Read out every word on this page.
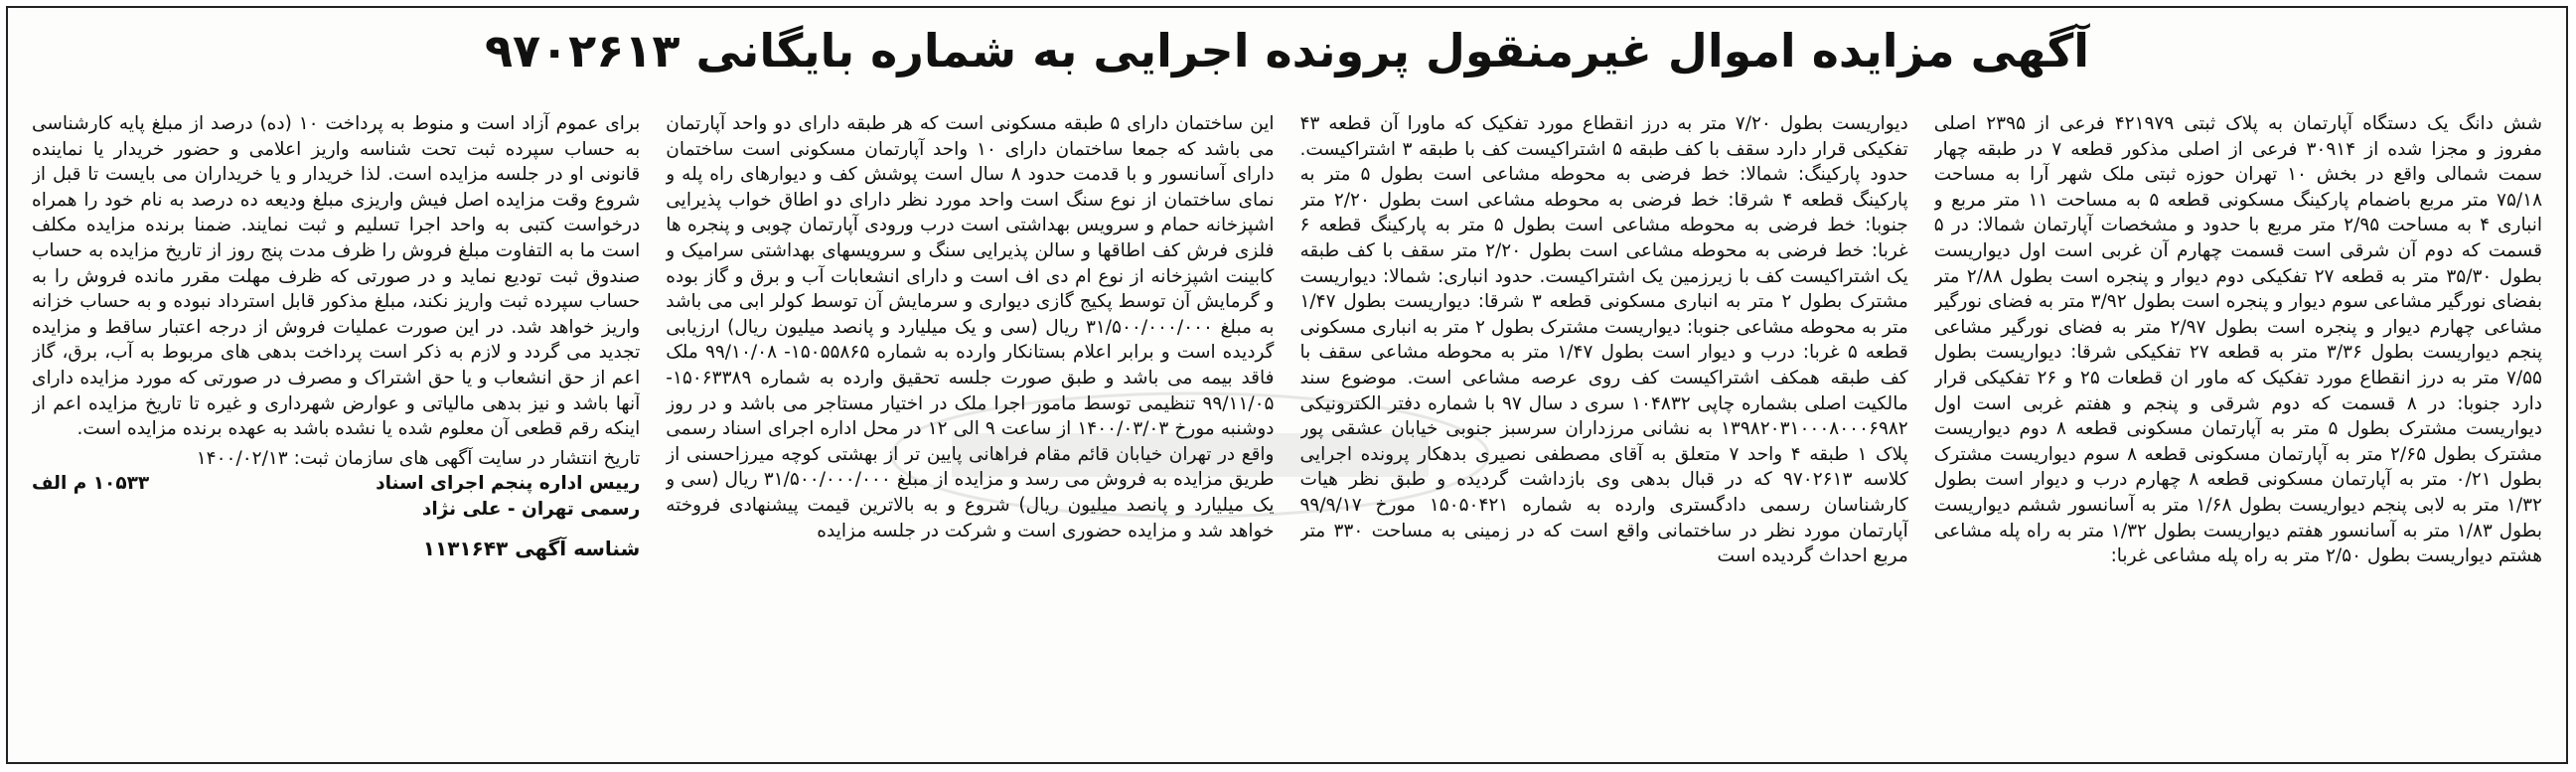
آگهی مزایده اموال غیرمنقول پرونده اجرایی به شماره بایگانی ۹۷۰۲۶۱۳

شش دانگ یک دستگاه آپارتمان به پلاک ثبتی ۴۲۱۹۷۹ فرعی از ۲۳۹۵ اصلی مفروز و مجزا شده از ۳۰۹۱۴ فرعی از اصلی مذکور قطعه ۷ در طبقه چهار سمت شمالی واقع در بخش ۱۰ تهران حوزه ثبتی ملک شهر آرا به مساحت ۷۵/۱۸ متر مربع باضمام پارکینگ مسکونی قطعه ۵ به مساحت ۱۱ متر مربع و انباری ۴ به مساحت ۲/۹۵ متر مربع با حدود و مشخصات آپارتمان شمالا: در ۵ قسمت که دوم آن شرقی است قسمت چهارم آن غربی است اول دیواریست بطول ۳۵/۳۰ متر به قطعه ۲۷ تفکیکی دوم دیوار و پنجره است بطول ۲/۸۸ متر بفضای نورگیر مشاعی سوم دیوار و پنجره است بطول ۳/۹۲ متر به فضای نورگیر مشاعی چهارم دیوار و پنجره است بطول ۲/۹۷ متر به فضای نورگیر مشاعی پنجم دیواریست بطول ۳/۳۶ متر به قطعه ۲۷ تفکیکی شرقا: دیواریست بطول ۷/۵۵ متر به درز انقطاع مورد تفکیک که ماور ان قطعات ۲۵ و ۲۶ تفکیکی قرار دارد جنوبا: در ۸ قسمت که دوم شرقی و پنجم و هفتم غربی است اول دیواریست مشترک بطول ۵ متر به آپارتمان مسکونی قطعه ۸ دوم دیواریست مشترک بطول ۲/۶۵ متر به آپارتمان مسکونی قطعه ۸ سوم دیواریست مشترک بطول ۰/۲۱ متر به آپارتمان مسکونی قطعه ۸ چهارم درب و دیوار است بطول ۱/۳۲ متر به لابی پنجم دیواریست بطول ۱/۶۸ متر به آسانسور ششم دیواریست بطول ۱/۸۳ متر به آسانسور هفتم دیواریست بطول ۱/۳۲ متر به راه پله مشاعی هشتم دیواریست بطول ۲/۵۰ متر به راه پله مشاعی غربا:

دیواریست بطول ۷/۲۰ متر به درز انقطاع مورد تفکیک که ماورا آن قطعه ۴۳ تفکیکی قرار دارد سقف با کف طبقه ۵ اشتراکیست کف با طبقه ۳ اشتراکیست. حدود پارکینگ: شمالا: خط فرضی به محوطه مشاعی است بطول ۵ متر به پارکینگ قطعه ۴ شرقا: خط فرضی به محوطه مشاعی است بطول ۲/۲۰ متر جنوبا: خط فرضی به محوطه مشاعی است بطول ۵ متر به پارکینگ قطعه ۶ غربا: خط فرضی به محوطه مشاعی است بطول ۲/۲۰ متر سقف با کف طبقه یک اشتراکیست کف با زیرزمین یک اشتراکیست. حدود انباری: شمالا: دیواریست مشترک بطول ۲ متر به انباری مسکونی قطعه ۳ شرقا: دیواریست بطول ۱/۴۷ متر به محوطه مشاعی جنوبا: دیواریست مشترک بطول ۲ متر به انباری مسکونی قطعه ۵ غربا: درب و دیوار است بطول ۱/۴۷ متر به محوطه مشاعی سقف با کف طبقه همکف اشتراکیست کف روی عرصه مشاعی است. موضوع سند مالکیت اصلی بشماره چاپی ۱۰۴۸۳۲ سری د سال ۹۷ با شماره دفتر الکترونیکی ۱۳۹۸۲۰۳۱۰۰۰۸۰۰۰۶۹۸۲ به نشانی مرزداران سرسبز جنوبی خیابان عشقی پور پلاک ۱ طبقه ۴ واحد ۷ متعلق به آقای مصطفی نصیری بدهکار پرونده اجرایی کلاسه ۹۷۰۲۶۱۳ که در قبال بدهی وی بازداشت گردیده و طبق نظر هیات کارشناسان رسمی دادگستری وارده به شماره ۱۵۰۵۰۴۲۱ مورخ ۹۹/۹/۱۷ آپارتمان مورد نظر در ساختمانی واقع است که در زمینی به مساحت ۳۳۰ متر مربع احداث گردیده است

این ساختمان دارای ۵ طبقه مسکونی است که هر طبقه دارای دو واحد آپارتمان می باشد که جمعا ساختمان دارای ۱۰ واحد آپارتمان مسکونی است ساختمان دارای آسانسور و با قدمت حدود ۸ سال است پوشش کف و دیوارهای راه پله و نمای ساختمان از نوع سنگ است واحد مورد نظر دارای دو اطاق خواب پذیرایی اشپزخانه حمام و سرویس بهداشتی است درب ورودی آپارتمان چوبی و پنجره ها فلزی فرش کف اطاقها و سالن پذیرایی سنگ و سرویسهای بهداشتی سرامیک و کابینت اشپزخانه از نوع ام دی اف است و دارای انشعابات آب و برق و گاز بوده و گرمایش آن توسط پکیج گازی دیواری و سرمایش آن توسط کولر ابی می باشد به مبلغ ۳۱/۵۰۰/۰۰۰/۰۰۰ ریال (سی و یک میلیارد و پانصد میلیون ریال) ارزیابی گردیده است و برابر اعلام بستانکار وارده به شماره ۱۵۰۵۵۸۶۵- ۹۹/۱۰/۰۸ ملک فاقد بیمه می باشد و طبق صورت جلسه تحقیق وارده به شماره ۱۵۰۶۳۳۸۹- ۹۹/۱۱/۰۵ تنظیمی توسط مامور اجرا ملک در اختیار مستاجر می باشد و در روز دوشنبه مورخ ۱۴۰۰/۰۳/۰۳ از ساعت ۹ الی ۱۲ در محل اداره اجرای اسناد رسمی واقع در تهران خیابان قائم مقام فراهانی پایین تر از بهشتی کوچه میرزاحسنی از طریق مزایده به فروش می رسد و مزایده از مبلغ ۳۱/۵۰۰/۰۰۰/۰۰۰ ریال (سی و یک میلیارد و پانصد میلیون ریال) شروع و به بالاترین قیمت پیشنهادی فروخته خواهد شد و مزایده حضوری است و شرکت در جلسه مزایده

برای عموم آزاد است و منوط به پرداخت ۱۰ (ده) درصد از مبلغ پایه کارشناسی به حساب سپرده ثبت تحت شناسه واریز اعلامی و حضور خریدار یا نماینده قانونی او در جلسه مزایده است. لذا خریدار و یا خریداران می بایست تا قبل از شروع وقت مزایده اصل فیش واریزی مبلغ ودیعه ده درصد به نام خود را همراه درخواست کتبی به واحد اجرا تسلیم و ثبت نمایند. ضمنا برنده مزایده مکلف است ما به التفاوت مبلغ فروش را ظرف مدت پنج روز از تاریخ مزایده به حساب صندوق ثبت تودیع نماید و در صورتی که ظرف مهلت مقرر مانده فروش را به حساب سپرده ثبت واریز نکند، مبلغ مذکور قابل استرداد نبوده و به حساب خزانه واریز خواهد شد. در این صورت عملیات فروش از درجه اعتبار ساقط و مزایده تجدید می گردد و لازم به ذکر است پرداخت بدهی های مربوط به آب، برق، گاز اعم از حق انشعاب و یا حق اشتراک و مصرف در صورتی که مورد مزایده دارای آنها باشد و نیز بدهی مالیاتی و عوارض شهرداری و غیره تا تاریخ مزایده اعم از اینکه رقم قطعی آن معلوم شده یا نشده باشد به عهده برنده مزایده است.

تاریخ انتشار در سایت آگهی های سازمان ثبت: ۱۴۰۰/۰۲/۱۳
رییس اداره پنجم اجرای اسناد
۱۰۵۳۳ م الف
رسمی تهران - علی نژاد
شناسه آگهی ۱۱۳۱۶۴۳
